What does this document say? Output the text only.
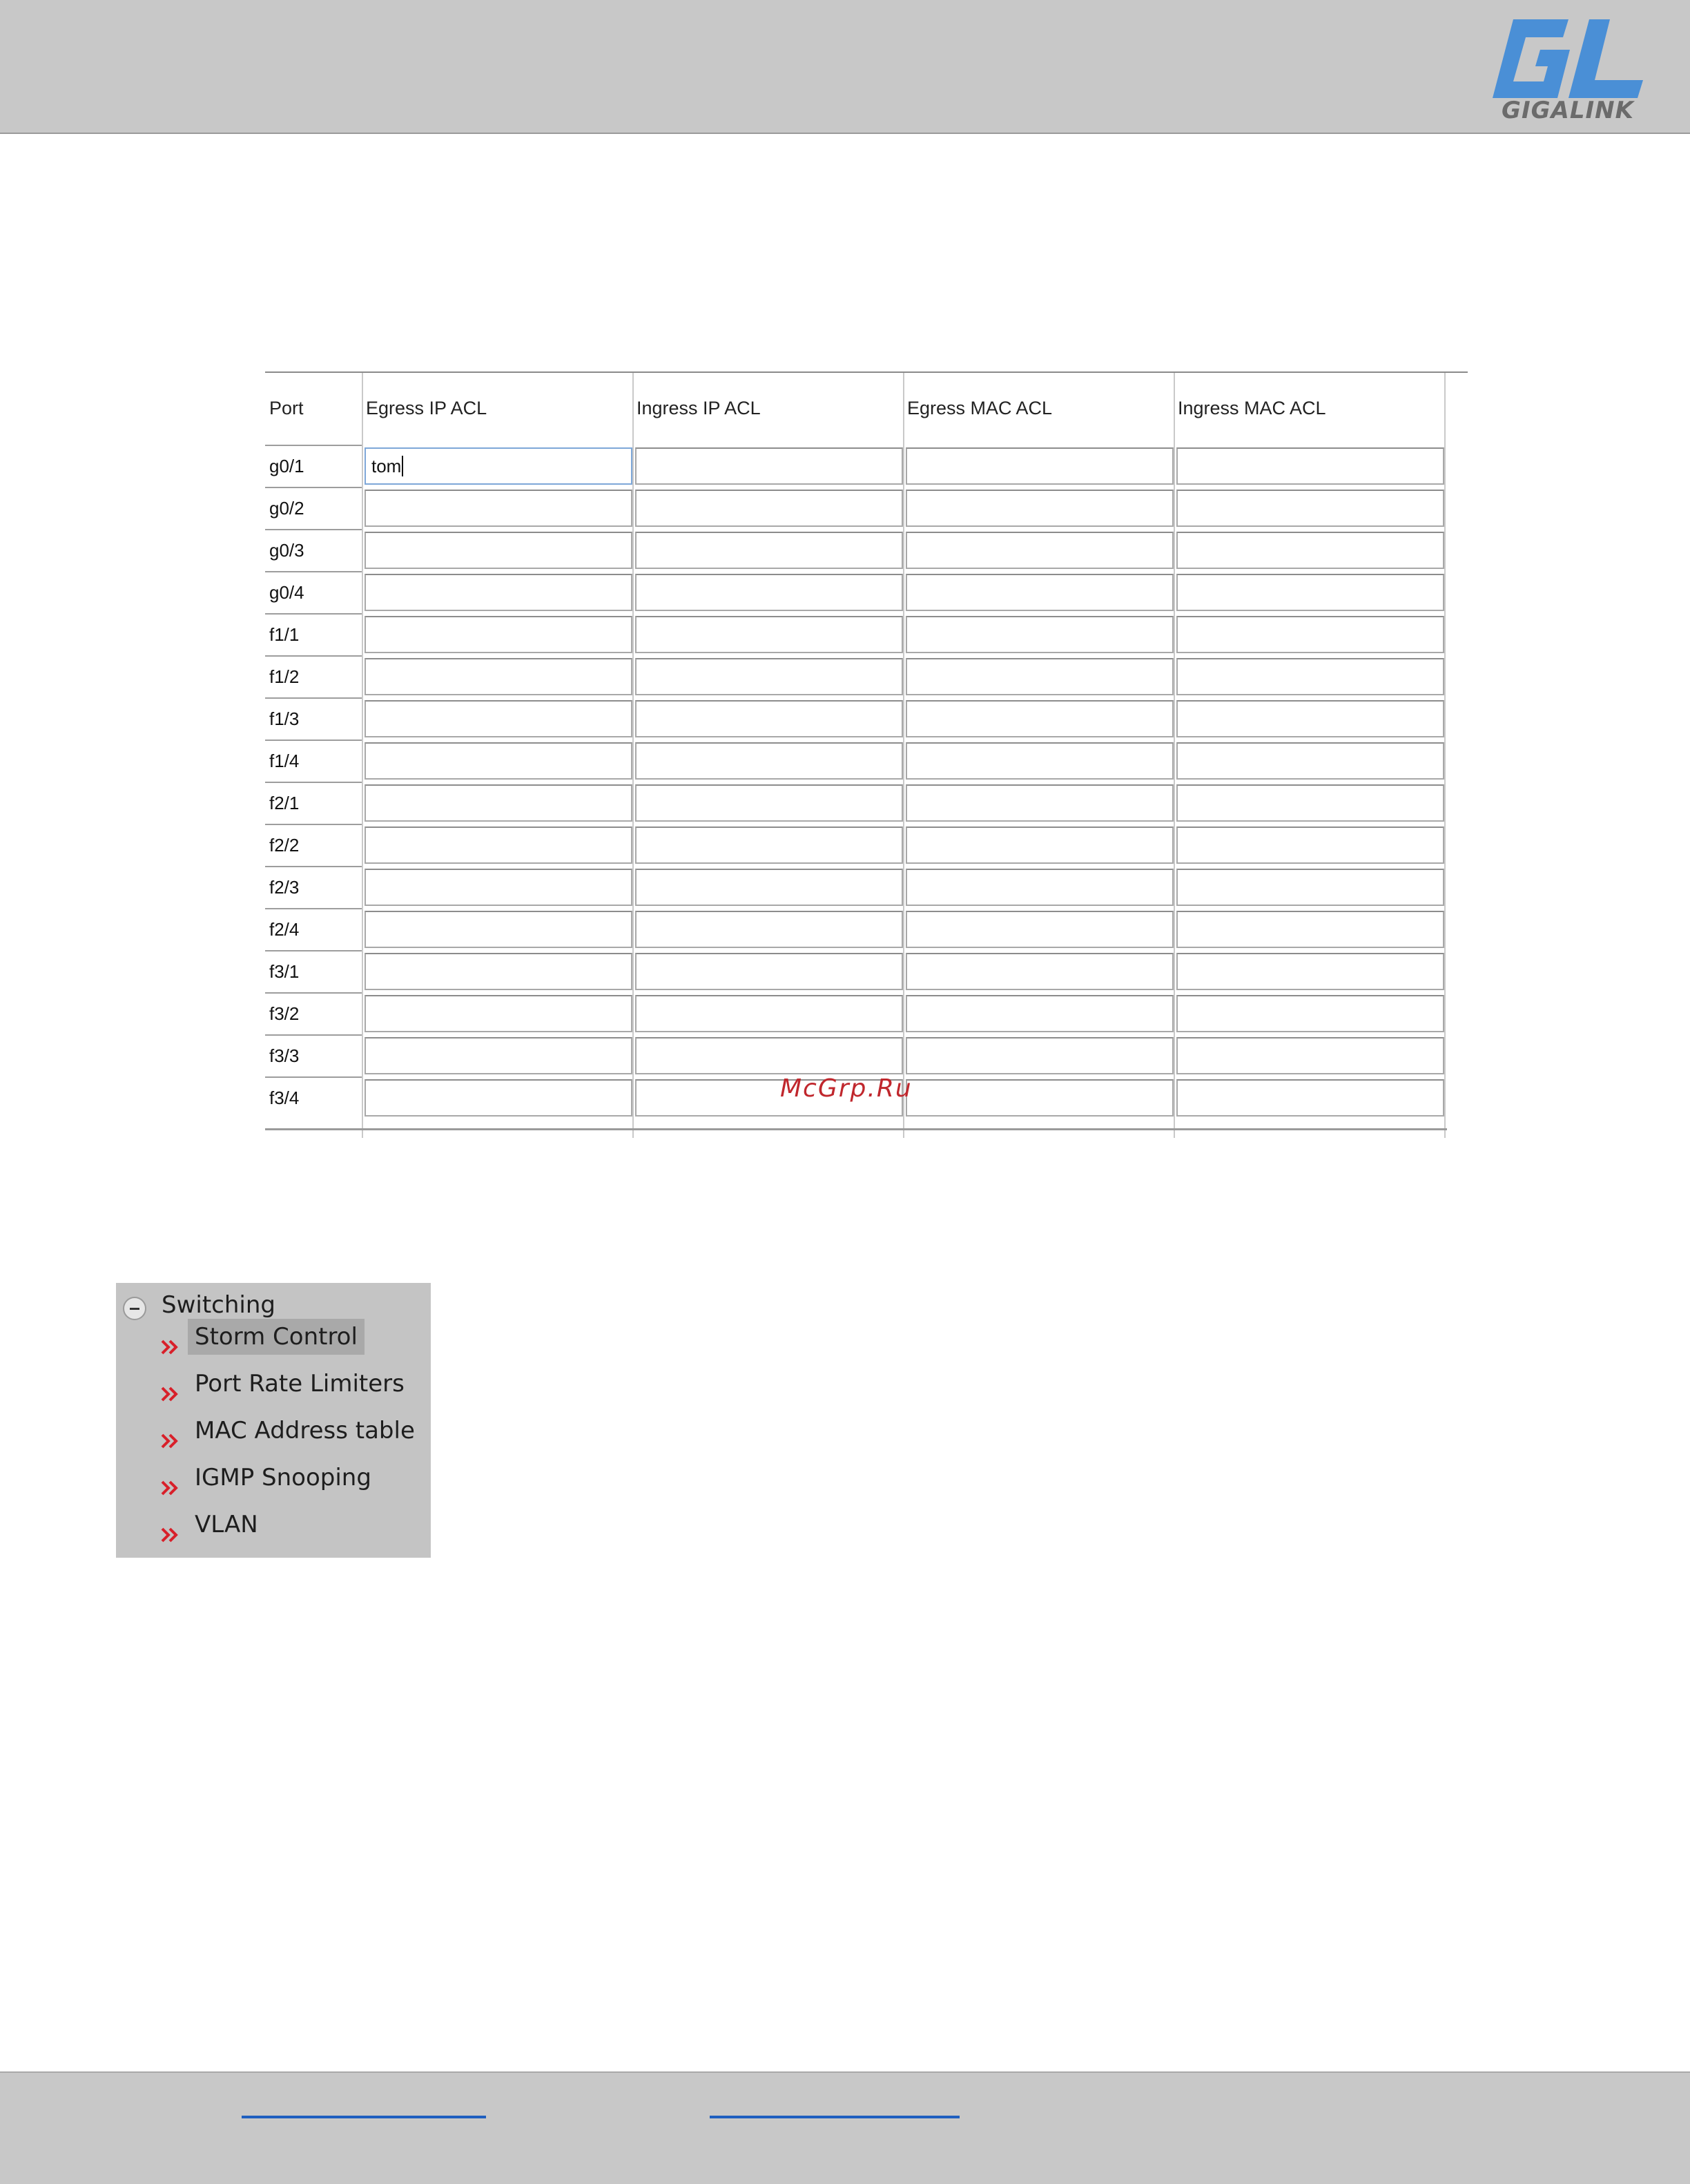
GIGALINK
Port	Egress IP ACL	Ingress IP ACL	Egress MAC ACL	Ingress MAC ACL
g0/1	tom
g0/2
g0/3
g0/4
f1/1
f1/2
f1/3
f1/4
f2/1
f2/2
f2/3
f2/4
f3/1
f3/2
f3/3
f3/4	McGrp.Ru
Switching
Storm Control
Port Rate Limiters
MAC Address table
IGMP Snooping
VLAN
